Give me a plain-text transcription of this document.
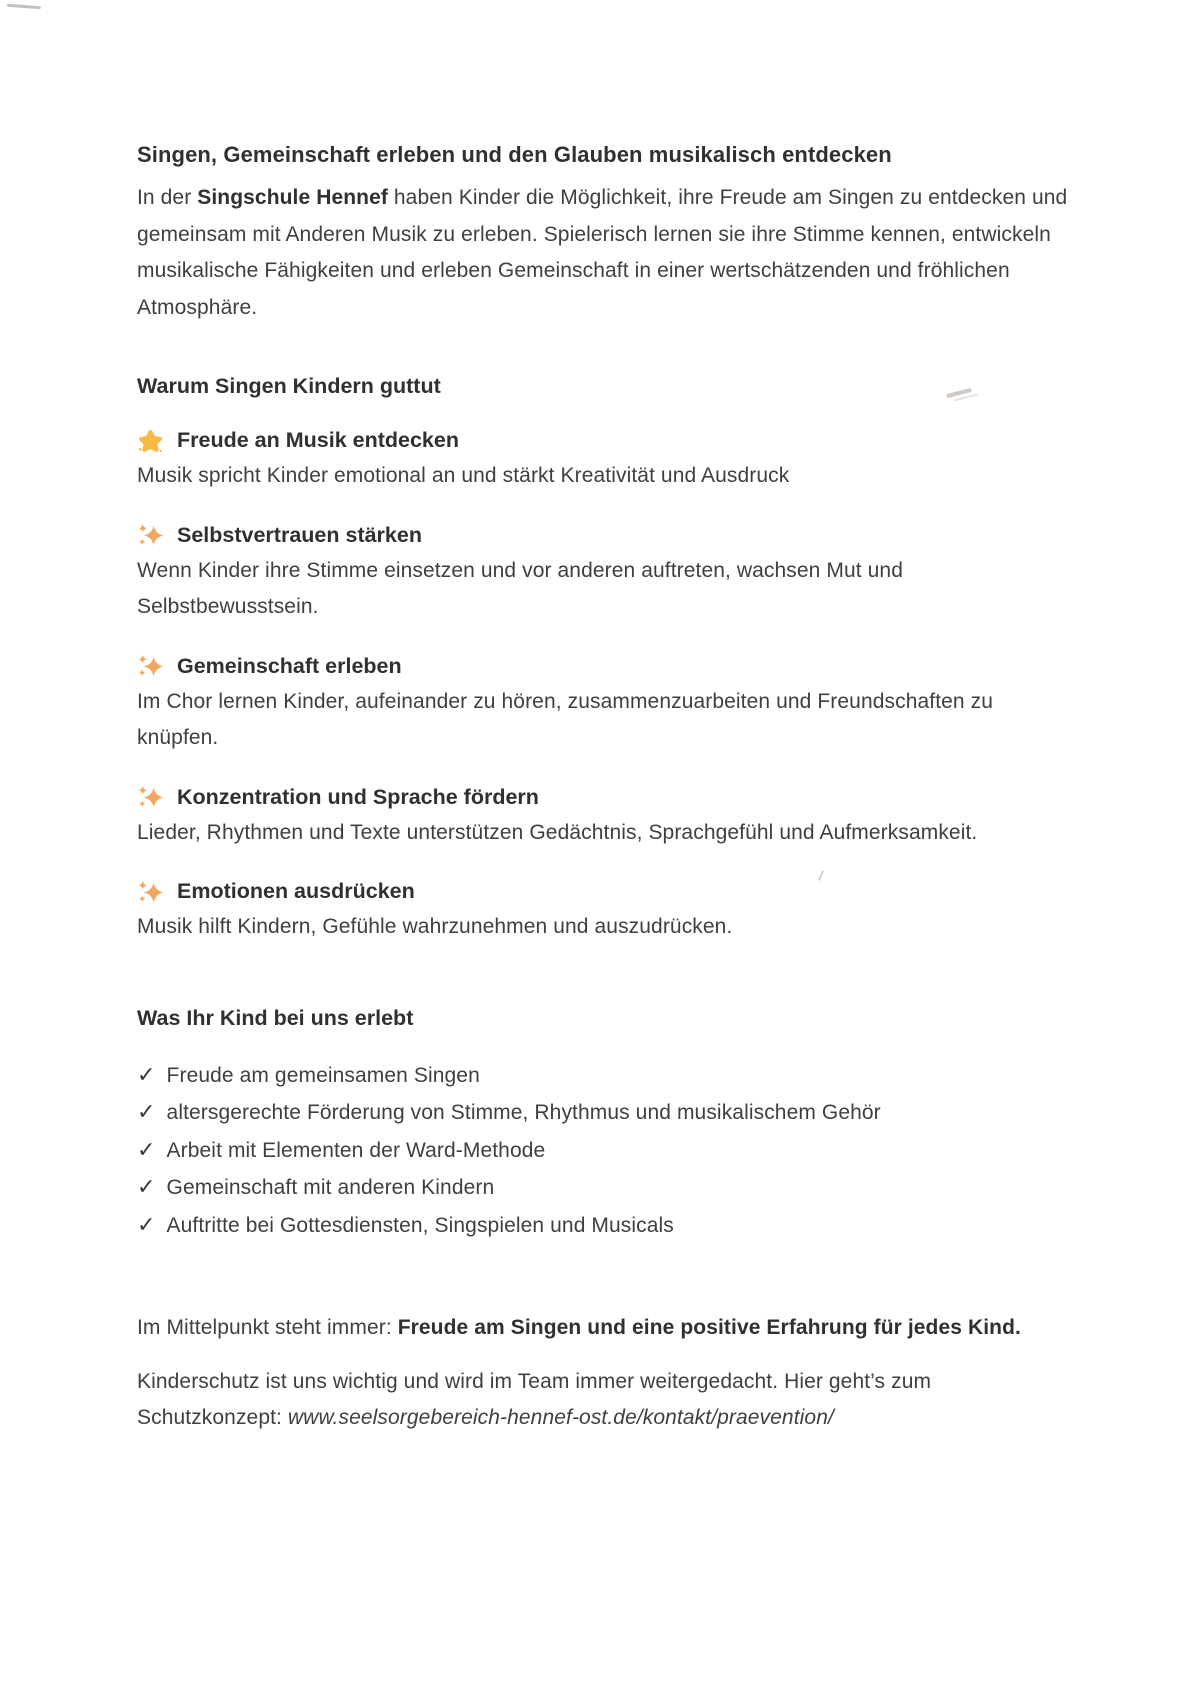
Singen, Gemeinschaft erleben und den Glauben musikalisch entdecken

In der Singschule Hennef haben Kinder die Möglichkeit, ihre Freude am Singen zu entdecken und gemeinsam mit Anderen Musik zu erleben. Spielerisch lernen sie ihre Stimme kennen, entwickeln musikalische Fähigkeiten und erleben Gemeinschaft in einer wertschätzenden und fröhlichen Atmosphäre.

Warum Singen Kindern guttut
Freude an Musik entdecken

Musik spricht Kinder emotional an und stärkt Kreativität und Ausdruck

Selbstvertrauen stärken

Wenn Kinder ihre Stimme einsetzen und vor anderen auftreten, wachsen Mut und Selbstbewusstsein.

Gemeinschaft erleben

Im Chor lernen Kinder, aufeinander zu hören, zusammenzuarbeiten und Freundschaften zu knüpfen.

Konzentration und Sprache fördern

Lieder, Rhythmen und Texte unterstützen Gedächtnis, Sprachgefühl und Aufmerksamkeit.

Emotionen ausdrücken

Musik hilft Kindern, Gefühle wahrzunehmen und auszudrücken.

Was Ihr Kind bei uns erlebt
✓ Freude am gemeinsamen Singen
✓ altersgerechte Förderung von Stimme, Rhythmus und musikalischem Gehör
✓ Arbeit mit Elementen der Ward-Methode
✓ Gemeinschaft mit anderen Kindern
✓ Auftritte bei Gottesdiensten, Singspielen und Musicals

Im Mittelpunkt steht immer: Freude am Singen und eine positive Erfahrung für jedes Kind.

Kinderschutz ist uns wichtig und wird im Team immer weitergedacht. Hier geht’s zum Schutzkonzept: www.seelsorgebereich-hennef-ost.de/kontakt/praevention/
